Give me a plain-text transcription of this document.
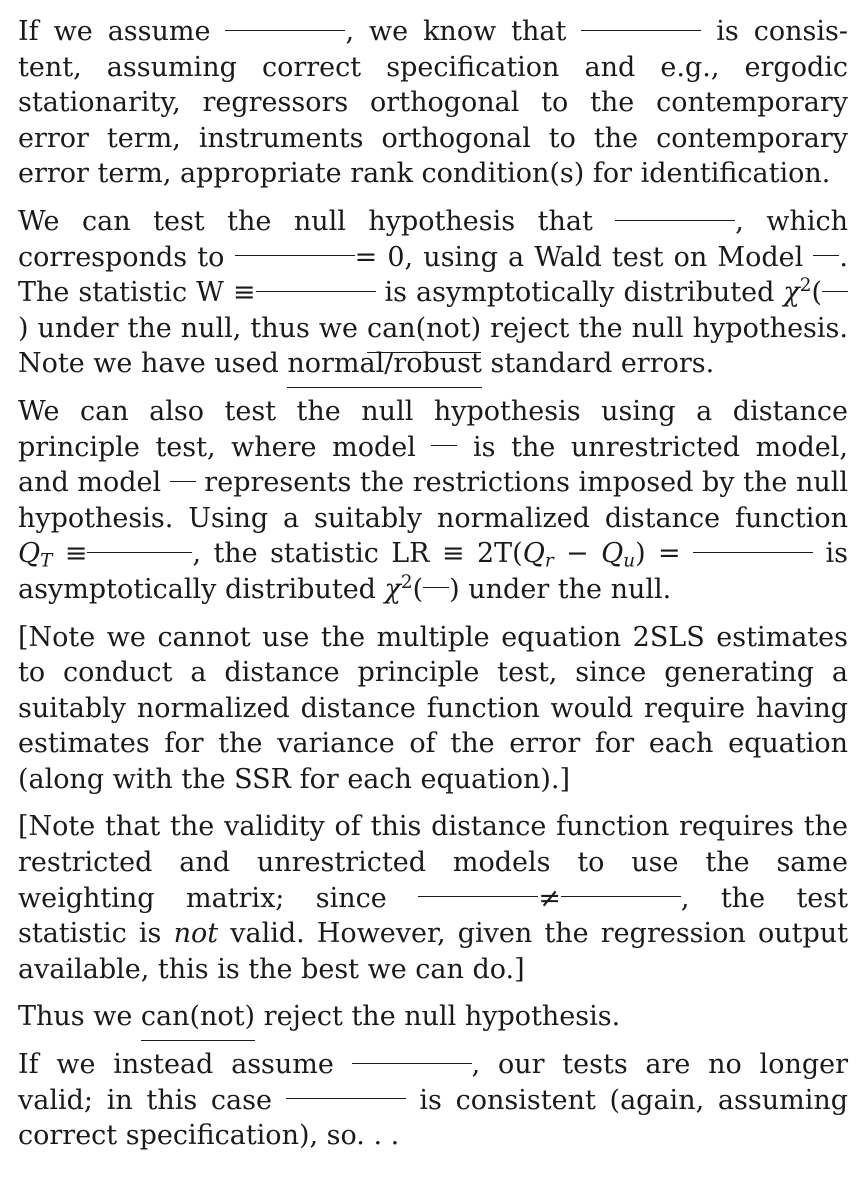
If we assume	, we know that	is consis- tent, assuming correct specification and e.g., ergodic stationarity, regressors orthogonal to the contemporary error term, instruments orthogonal to the contemporary error term, appropriate rank condition(s) for identification.

We can test the null hypothesis that	, which corresponds to	= 0, using a Wald test on Model . The statistic W ≡	is asymptotically distributed $\chi^2()$ under the null, thus we can(not) reject the null hypothesis. Note we have used normal/robust standard errors.

We can also test the null hypothesis using a distance principle test, where model  is the unrestricted model, and model  represents the restrictions imposed by the null hypothesis. Using a suitably normalized distance function $Q_T$ ≡	, the statistic LR ≡ $2T(Q_r - Q_u)$ =	is asymptotically distributed $\chi^2$( ) under the null.

[Note we cannot use the multiple equation 2SLS estimates to conduct a distance principle test, since generating a suitably normalized distance function would require having estimates for the variance of the error for each equation (along with the SSR for each equation).]

[Note that the validity of this distance function requires the restricted and unrestricted models to use the same weighting matrix; since	≠	, the test statistic is not valid. However, given the regression output available, this is the best we can do.]

Thus we can(not) reject the null hypothesis.

If we instead assume	, our tests are no longer valid; in this case	is consistent (again, assuming correct specification), so. . .
